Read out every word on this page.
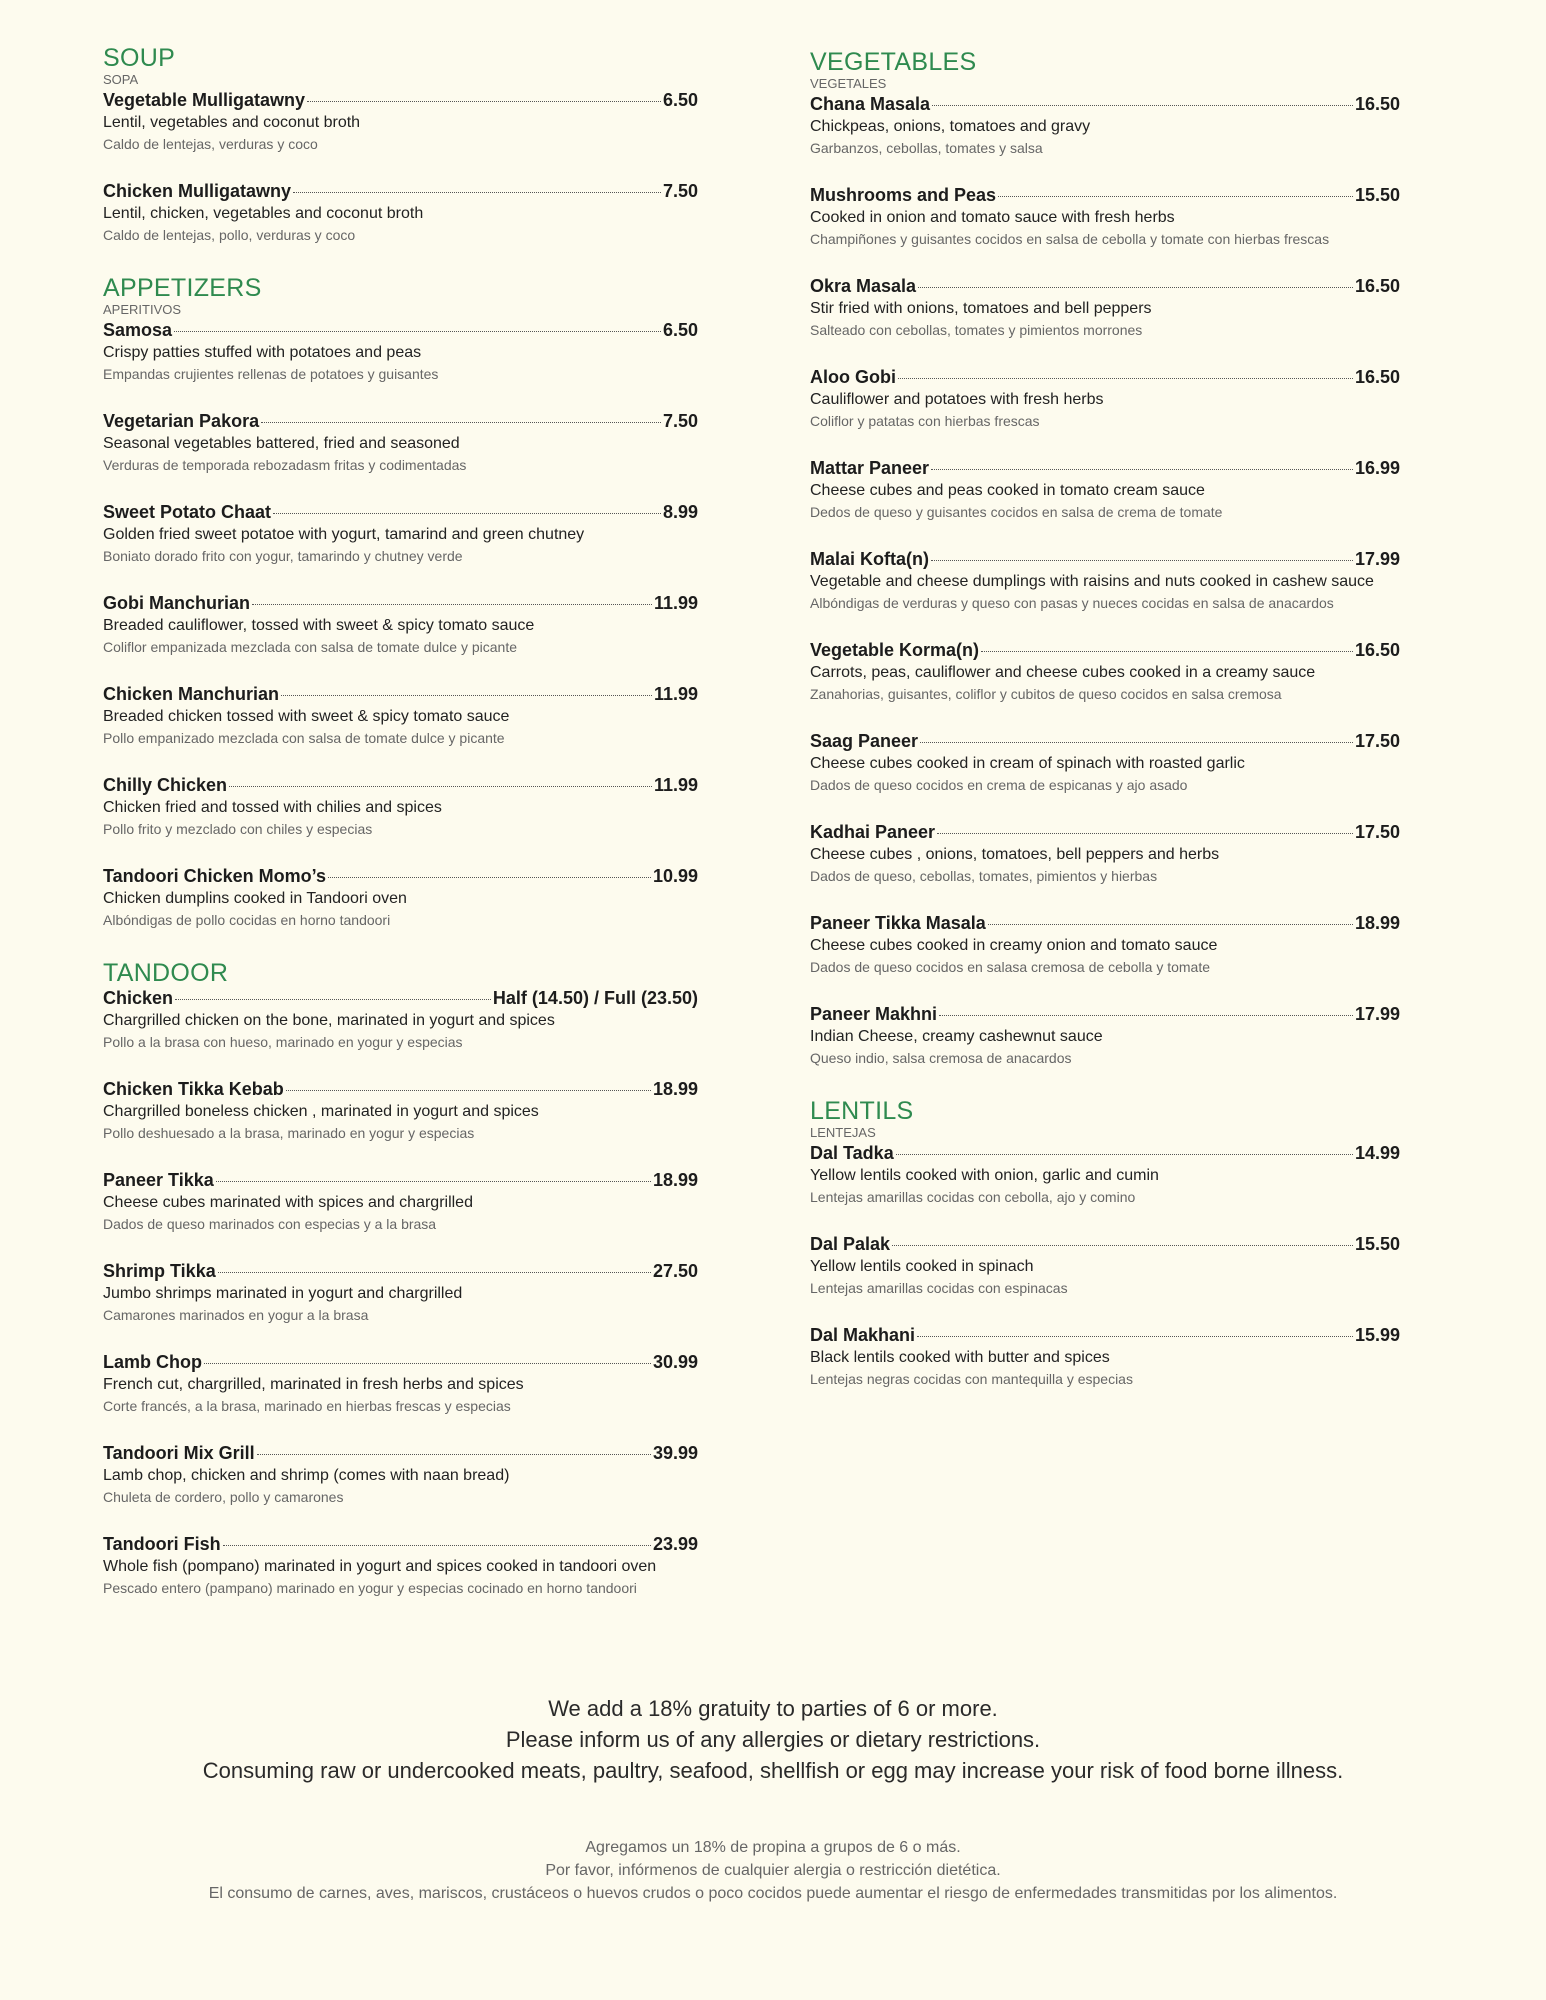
SOUP
SOPA
Vegetable Mulligatawny	6.50
Lentil, vegetables and coconut broth
Caldo de lentejas, verduras y coco
Chicken Mulligatawny	7.50
Lentil, chicken, vegetables and coconut broth
Caldo de lentejas, pollo, verduras y coco
APPETIZERS
APERITIVOS
Samosa	6.50
Crispy patties stuffed with potatoes and peas
Empandas crujientes rellenas de potatoes y guisantes
Vegetarian Pakora	7.50
Seasonal vegetables battered, fried and seasoned
Verduras de temporada rebozadasm fritas y codimentadas
Sweet Potato Chaat	8.99
Golden fried sweet potatoe with yogurt, tamarind and green chutney
Boniato dorado frito con yogur, tamarindo y chutney verde
Gobi Manchurian	11.99
Breaded cauliflower, tossed with sweet & spicy tomato sauce
Coliflor empanizada mezclada con salsa de tomate dulce y picante
Chicken Manchurian	11.99
Breaded chicken tossed with sweet & spicy tomato sauce
Pollo empanizado mezclada con salsa de tomate dulce y picante
Chilly Chicken	11.99
Chicken fried and tossed with chilies and spices
Pollo frito y mezclado con chiles y especias
Tandoori Chicken Momo’s	10.99
Chicken dumplins cooked in Tandoori oven
Albóndigas de pollo cocidas en horno tandoori
TANDOOR
Chicken	Half (14.50) / Full (23.50)
Chargrilled chicken on the bone, marinated in yogurt and spices
Pollo a la brasa con hueso, marinado en yogur y especias
Chicken Tikka Kebab	18.99
Chargrilled boneless chicken , marinated in yogurt and spices
Pollo deshuesado a la brasa, marinado en yogur y especias
Paneer Tikka	18.99
Cheese cubes marinated with spices and chargrilled
Dados de queso marinados con especias y a la brasa
Shrimp Tikka	27.50
Jumbo shrimps marinated in yogurt and chargrilled
Camarones marinados en yogur a la brasa
Lamb Chop	30.99
French cut, chargrilled, marinated in fresh herbs and spices
Corte francés, a la brasa, marinado en hierbas frescas y especias
Tandoori Mix Grill	39.99
Lamb chop, chicken and shrimp (comes with naan bread)
Chuleta de cordero, pollo y camarones
Tandoori Fish	23.99
Whole fish (pompano) marinated in yogurt and spices cooked in tandoori oven
Pescado entero (pampano) marinado en yogur y especias cocinado en horno tandoori
VEGETABLES
VEGETALES
Chana Masala	16.50
Chickpeas, onions, tomatoes and gravy
Garbanzos, cebollas, tomates y salsa
Mushrooms and Peas	15.50
Cooked in onion and tomato sauce with fresh herbs
Champiñones y guisantes cocidos en salsa de cebolla y tomate con hierbas frescas
Okra Masala	16.50
Stir fried with onions, tomatoes and bell peppers
Salteado con cebollas, tomates y pimientos morrones
Aloo Gobi	16.50
Cauliflower and potatoes with fresh herbs
Coliflor y patatas con hierbas frescas
Mattar Paneer	16.99
Cheese cubes and peas cooked in tomato cream sauce
Dedos de queso y guisantes cocidos en salsa de crema de tomate
Malai Kofta(n)	17.99
Vegetable and cheese dumplings with raisins and nuts cooked in cashew sauce
Albóndigas de verduras y queso con pasas y nueces cocidas en salsa de anacardos
Vegetable Korma(n)	16.50
Carrots, peas, cauliflower and cheese cubes cooked in a creamy sauce
Zanahorias, guisantes, coliflor y cubitos de queso cocidos en salsa cremosa
Saag Paneer	17.50
Cheese cubes cooked in cream of spinach with roasted garlic
Dados de queso cocidos en crema de espicanas y ajo asado
Kadhai Paneer	17.50
Cheese cubes , onions, tomatoes, bell peppers and herbs
Dados de queso, cebollas, tomates, pimientos y hierbas
Paneer Tikka Masala	18.99
Cheese cubes cooked in creamy onion and tomato sauce
Dados de queso cocidos en salasa cremosa de cebolla y tomate
Paneer Makhni	17.99
Indian Cheese, creamy cashewnut sauce
Queso indio, salsa cremosa de anacardos
LENTILS
LENTEJAS
Dal Tadka	14.99
Yellow lentils cooked with onion, garlic and cumin
Lentejas amarillas cocidas con cebolla, ajo y comino
Dal Palak	15.50
Yellow lentils cooked in spinach
Lentejas amarillas cocidas con espinacas
Dal Makhani	15.99
Black lentils cooked with butter and spices
Lentejas negras cocidas con mantequilla y especias
We add a 18% gratuity to parties of 6 or more.
Please inform us of any allergies or dietary restrictions.
Consuming raw or undercooked meats, paultry, seafood, shellfish or egg may increase your risk of food borne illness.
Agregamos un 18% de propina a grupos de 6 o más.
Por favor, infórmenos de cualquier alergia o restricción dietética.
El consumo de carnes, aves, mariscos, crustáceos o huevos crudos o poco cocidos puede aumentar el riesgo de enfermedades transmitidas por los alimentos.
